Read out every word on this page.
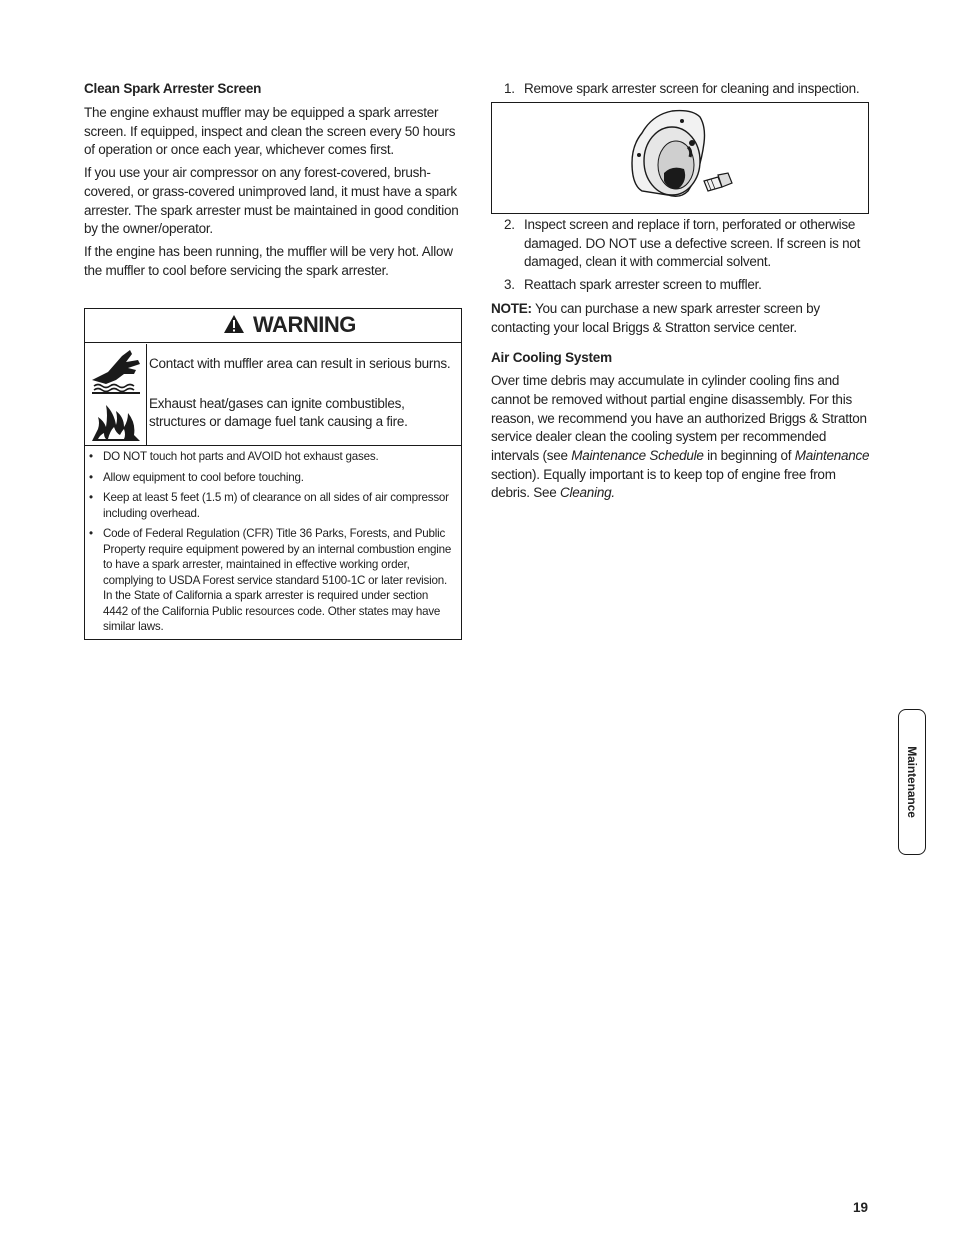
Clean Spark Arrester Screen

The engine exhaust muffler may be equipped a spark arrester screen. If equipped, inspect and clean the screen every 50 hours of operation or once each year, whichever comes first.

If you use your air compressor on any forest-covered, brush-covered, or grass-covered unimproved land, it must have a spark arrester. The spark arrester must be maintained in good condition by the owner/operator.

If the engine has been running, the muffler will be very hot. Allow the muffler to cool before servicing the spark arrester.

WARNING

Contact with muffler area can result in serious burns.

Exhaust heat/gases can ignite combustibles, structures or damage fuel tank causing a fire.

• DO NOT touch hot parts and AVOID hot exhaust gases.
• Allow equipment to cool before touching.
• Keep at least 5 feet (1.5 m) of clearance on all sides of air compressor including overhead.
• Code of Federal Regulation (CFR) Title 36 Parks, Forests, and Public Property require equipment powered by an internal combustion engine to have a spark arrester, maintained in effective working order, complying to USDA Forest service standard 5100-1C or later revision. In the State of California a spark arrester is required under section 4442 of the California Public resources code. Other states may have similar laws.
1. Remove spark arrester screen for cleaning and inspection.
2. Inspect screen and replace if torn, perforated or otherwise damaged. DO NOT use a defective screen. If screen is not damaged, clean it with commercial solvent.
3. Reattach spark arrester screen to muffler.

NOTE: You can purchase a new spark arrester screen by contacting your local Briggs & Stratton service center.

Air Cooling System

Over time debris may accumulate in cylinder cooling fins and cannot be removed without partial engine disassembly. For this reason, we recommend you have an authorized Briggs & Stratton service dealer clean the cooling system per recommended intervals (see Maintenance Schedule in beginning of Maintenance section). Equally important is to keep top of engine free from debris. See Cleaning.

Maintenance
19
